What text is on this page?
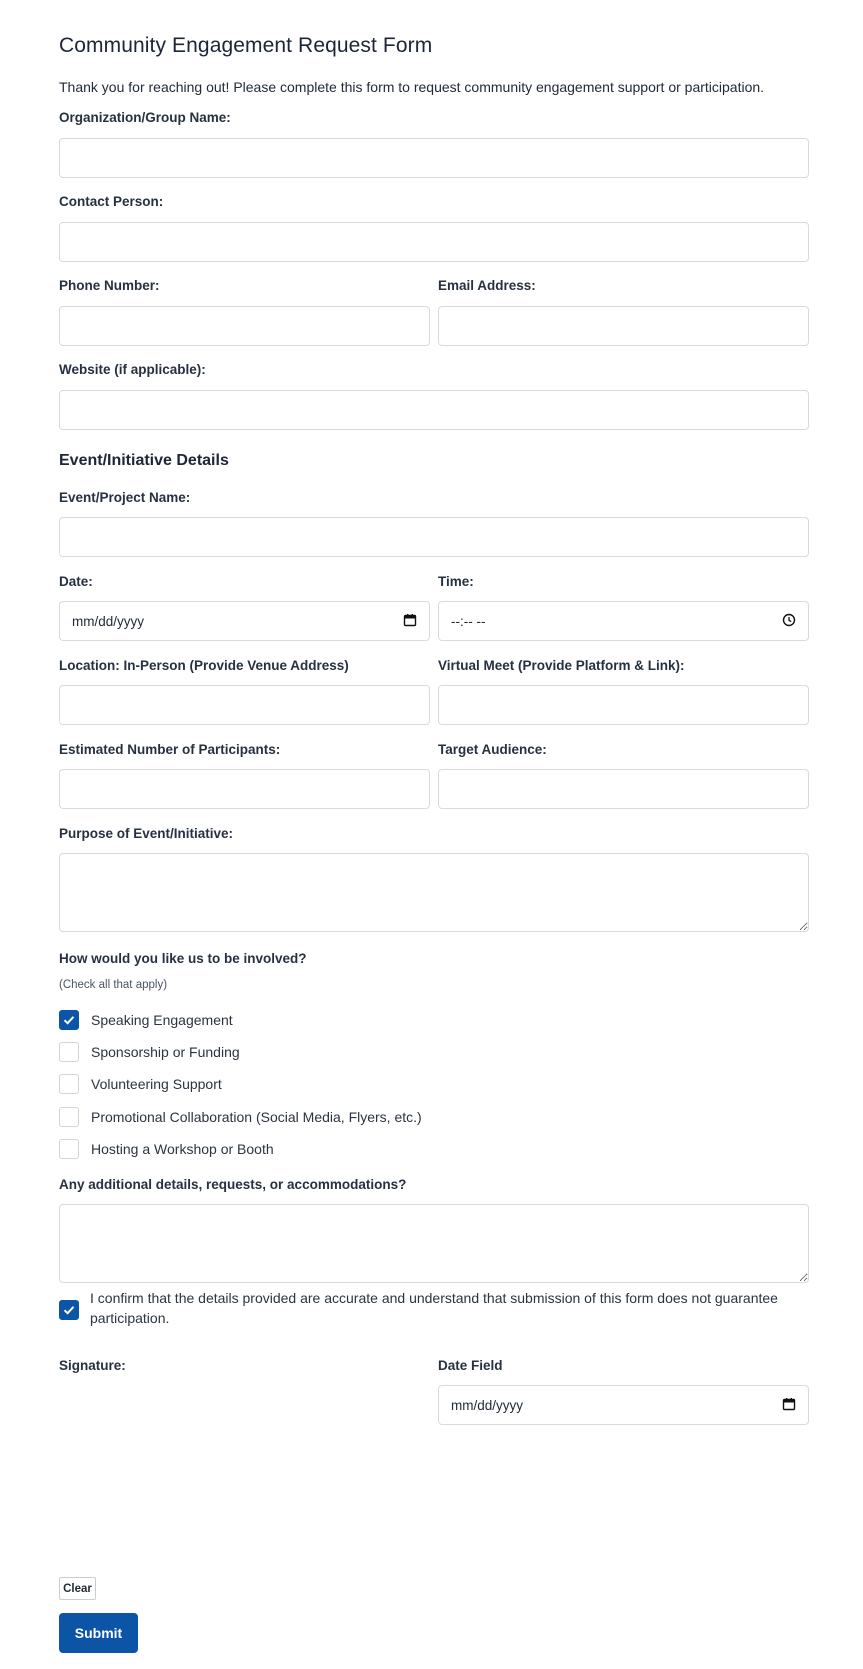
Community Engagement Request Form
Thank you for reaching out! Please complete this form to request community engagement support or participation.
Organization/Group Name:
Contact Person:
Phone Number:	Email Address:
Website (if applicable):
Event/Initiative Details
Event/Project Name:
Date:
mm/dd/yyyy
Time:
--:-- --
Location: In-Person (Provide Venue Address)	Virtual Meet (Provide Platform & Link):
Estimated Number of Participants:	Target Audience:
Purpose of Event/Initiative:
How would you like us to be involved?
(Check all that apply)
Speaking Engagement
Sponsorship or Funding
Volunteering Support
Promotional Collaboration (Social Media, Flyers, etc.)
Hosting a Workshop or Booth
Any additional details, requests, or accommodations?
I confirm that the details provided are accurate and understand that submission of this form does not guarantee participation.
Signature:	Date Field
mm/dd/yyyy
Clear
Submit
